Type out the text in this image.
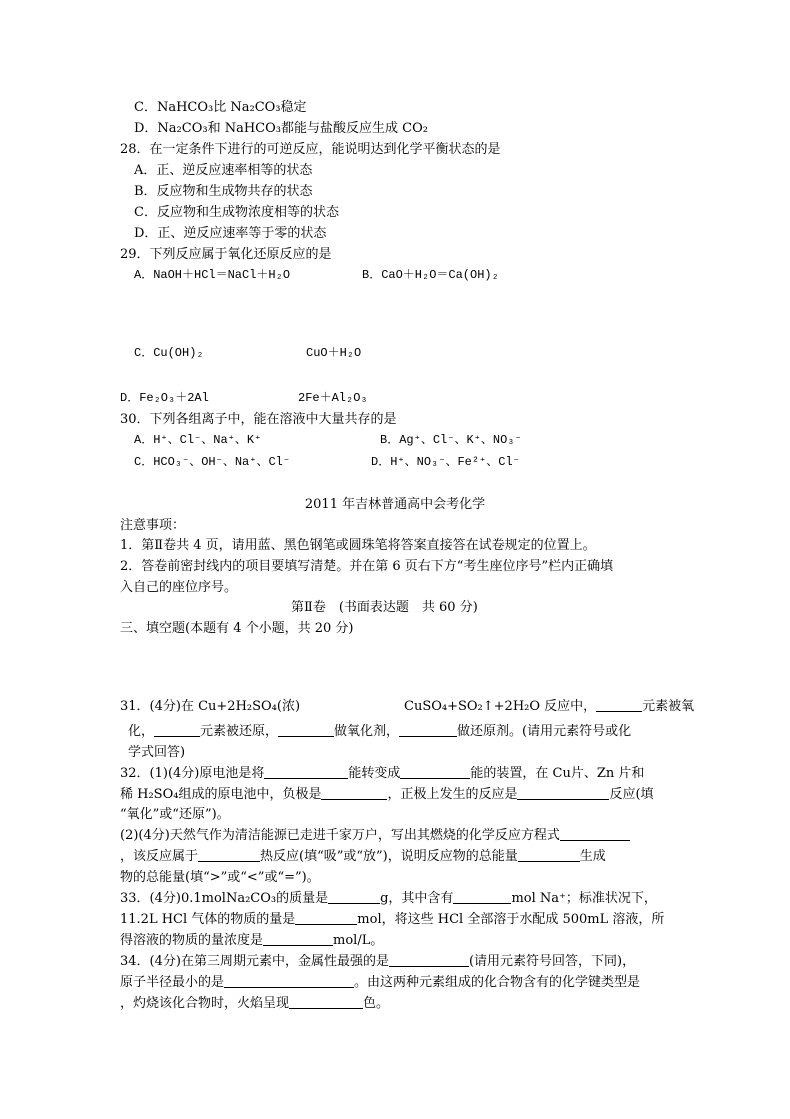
C．NaHCO₃比 Na₂CO₃稳定
D．Na₂CO₃和 NaHCO₃都能与盐酸反应生成 CO₂
28．在一定条件下进行的可逆反应，能说明达到化学平衡状态的是
A．正、逆反应速率相等的状态
B．反应物和生成物共存的状态
C．反应物和生成物浓度相等的状态
D．正、逆反应速率等于零的状态
29．下列反应属于氧化还原反应的是
A．NaOH＋HCl＝NaCl＋H₂O	B．CaO＋H₂O＝Ca(OH)₂
C．Cu(OH)₂	CuO＋H₂O
D．Fe₂O₃＋2Al	2Fe＋Al₂O₃
30．下列各组离子中，能在溶液中大量共存的是
A．H⁺、Cl⁻、Na⁺、K⁺	B．Ag⁺、Cl⁻、K⁺、NO₃⁻
C．HCO₃⁻、OH⁻、Na⁺、Cl⁻	D．H⁺、NO₃⁻、Fe²⁺、Cl⁻
2011 年吉林普通高中会考化学
注意事项：
1．第Ⅱ卷共 4 页，请用蓝、黑色钢笔或圆珠笔将答案直接答在试卷规定的位置上。
2．答卷前密封线内的项目要填写清楚。并在第 6 页右下方“考生座位序号”栏内正确填
入自己的座位序号。
第Ⅱ卷　(书面表达题　共 60 分)
三、填空题(本题有 4 个小题，共 20 分)
31．(4分)在 Cu+2H₂SO₄(浓)	CuSO₄+SO₂↑+2H₂O 反应中，	元素被氧
化，	元素被还原，	做氧化剂，	做还原剂。(请用元素符号或化
学式回答)
32．(1)(4分)原电池是将	能转变成	能的装置，在 Cu片、Zn 片和
稀 H₂SO₄组成的原电池中，负极是	，正极上发生的反应是	反应(填
“氧化”或“还原”)。
(2)(4分)天然气作为清洁能源已走进千家万户，写出其燃烧的化学反应方程式
，该反应属于	热反应(填“吸”或“放”)，说明反应物的总能量	生成
物的总能量(填“>”或“<”或“=”)。
33．(4分)0.1molNa₂CO₃的质量是	g，其中含有	mol Na⁺；标准状况下，
11.2L HCl 气体的物质的量是	mol，将这些 HCl 全部溶于水配成 500mL 溶液，所
得溶液的物质的量浓度是	mol/L。
34．(4分)在第三周期元素中，金属性最强的是	(请用元素符号回答，下同)，
原子半径最小的是	。由这两种元素组成的化合物含有的化学键类型是
，灼烧该化合物时，火焰呈现	色。
